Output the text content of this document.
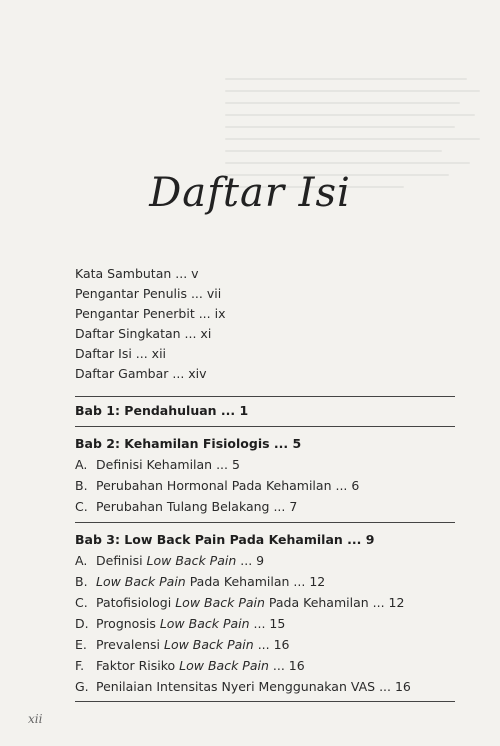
Daftar Isi
Kata Sambutan ... v
Pengantar Penulis ... vii
Pengantar Penerbit ... ix
Daftar Singkatan ... xi
Daftar Isi ... xii
Daftar Gambar ... xiv
Bab 1: Pendahuluan ... 1
Bab 2: Kehamilan Fisiologis ... 5
A. Definisi Kehamilan ... 5
B. Perubahan Hormonal Pada Kehamilan ... 6
C. Perubahan Tulang Belakang ... 7
Bab 3: Low Back Pain Pada Kehamilan ... 9
A. Definisi Low Back Pain ... 9
B. Low Back Pain Pada Kehamilan ... 12
C. Patofisiologi Low Back Pain Pada Kehamilan ... 12
D. Prognosis Low Back Pain ... 15
E. Prevalensi Low Back Pain ... 16
F. Faktor Risiko Low Back Pain ... 16
G. Penilaian Intensitas Nyeri Menggunakan VAS ... 16
xii
